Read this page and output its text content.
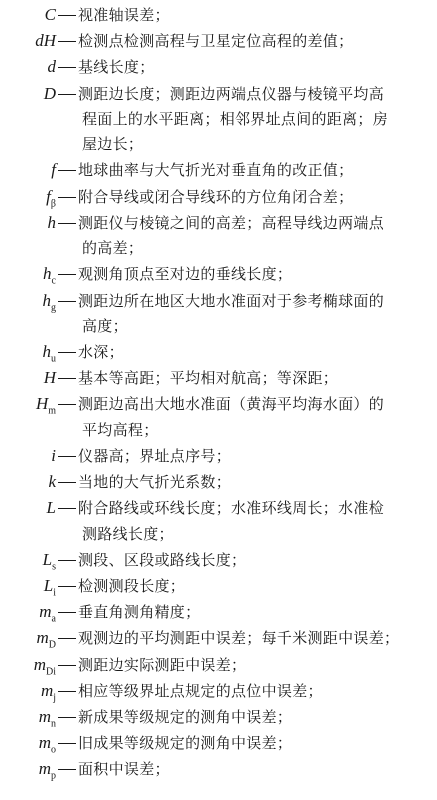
C	视准轴误差；
dH	检测点检测高程与卫星定位高程的差值；
d	基线长度；
D	测距边长度；测距边两端点仪器与棱镜平均高
程面上的水平距离；相邻界址点间的距离；房
屋边长；
f	地球曲率与大气折光对垂直角的改正值；
$f_\beta$	附合导线或闭合导线环的方位角闭合差；
h	测距仪与棱镜之间的高差；高程导线边两端点
的高差；
$h_c$	观测角顶点至对边的垂线长度；
$h_g$	测距边所在地区大地水准面对于参考椭球面的
高度；
$h_u$	水深；
H	基本等高距；平均相对航高；等深距；
$H_m$	测距边高出大地水准面（黄海平均海水面）的
平均高程；
i	仪器高；界址点序号；
k	当地的大气折光系数；
L	附合路线或环线长度；水准环线周长；水准检
测路线长度；
$L_s$	测段、区段或路线长度；
$L_i$	检测测段长度；
$m_a$	垂直角测角精度；
$m_D$	观测边的平均测距中误差；每千米测距中误差；
$m_{Di}$	测距边实际测距中误差；
$m_j$	相应等级界址点规定的点位中误差；
$m_n$	新成果等级规定的测角中误差；
$m_o$	旧成果等级规定的测角中误差；
$m_p$	面积中误差；
